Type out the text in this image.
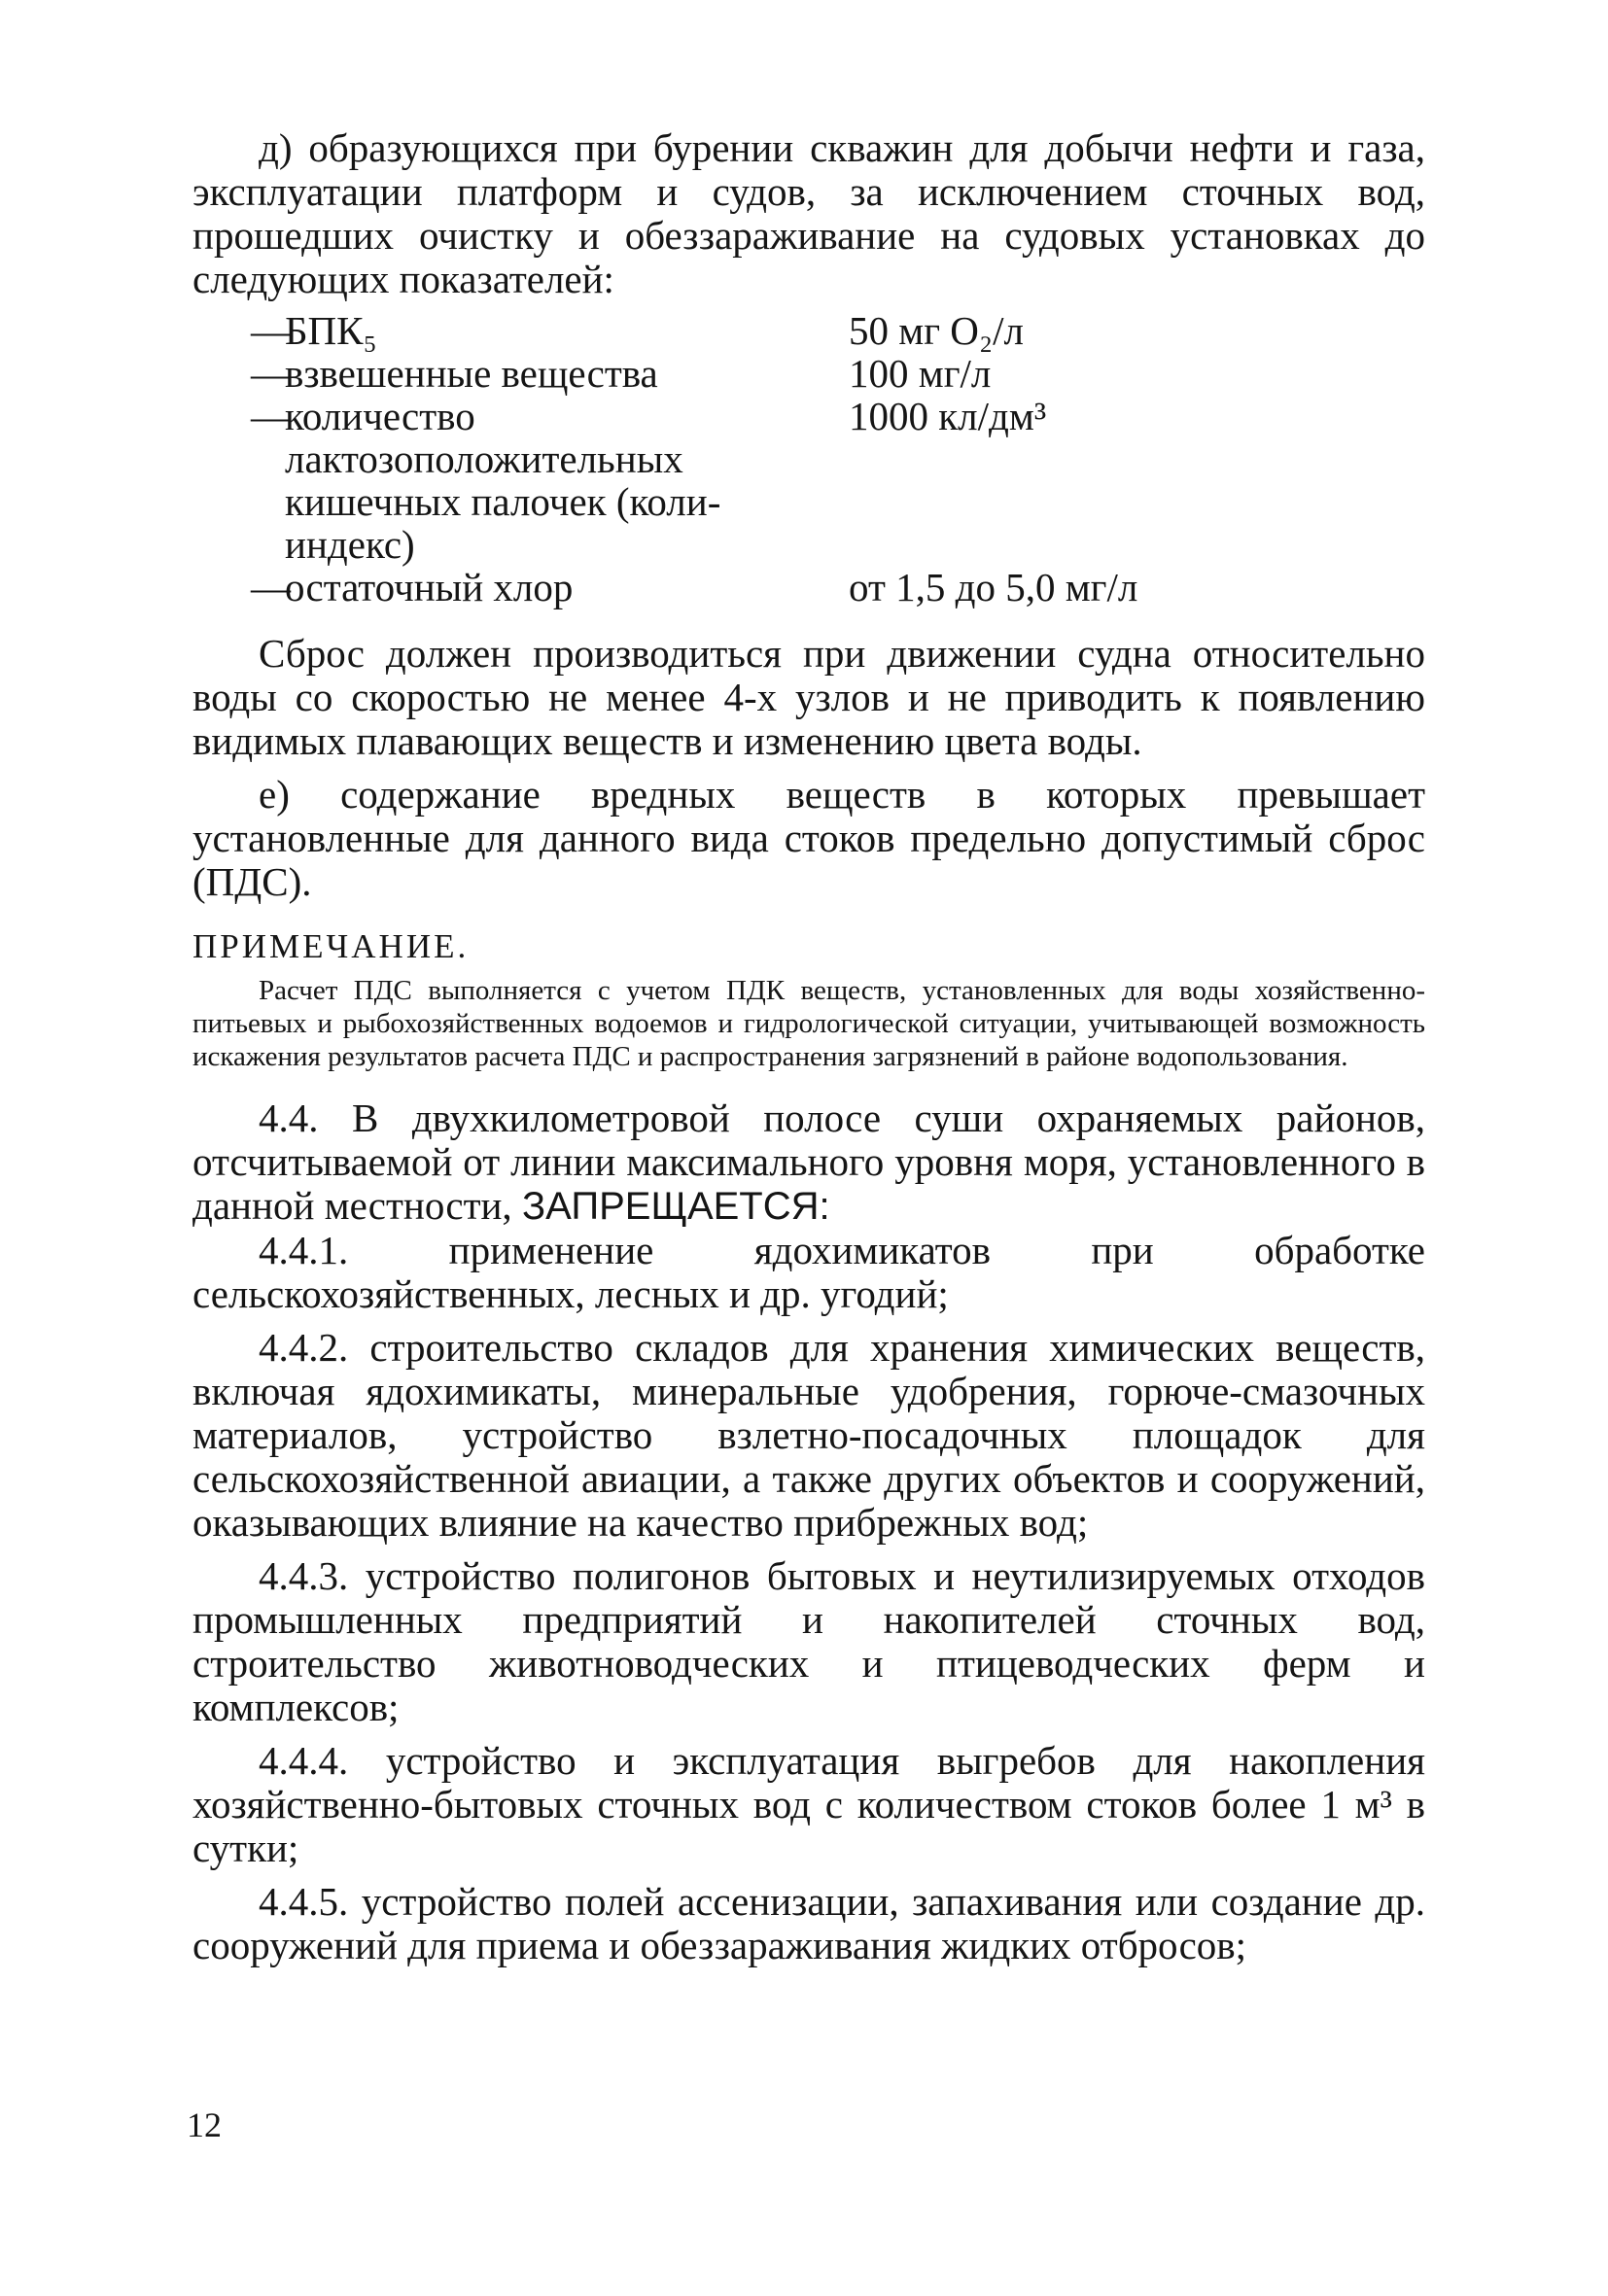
д) образующихся при бурении скважин для добычи нефти и газа, эксплуатации платформ и судов, за исключением сточных вод, прошедших очистку и обеззараживание на судовых установках до следующих показателей:

—
БПК₅	50 мг О₂/л
—
взвешенные вещества	100 мг/л
—
количество лактозоположительных кишечных палочек (коли-индекс)
1000 кл/дм³
—
остаточный хлор	от 1,5 до 5,0 мг/л

Сброс должен производиться при движении судна относительно воды со скоростью не менее 4-х узлов и не приводить к появлению видимых плавающих веществ и изменению цвета воды.

е) содержание вредных веществ в которых превышает установленные для данного вида стоков предельно допустимый сброс (ПДС).

ПРИМЕЧАНИЕ.

Расчет ПДС выполняется с учетом ПДК веществ, установленных для воды хозяйственно-питьевых и рыбохозяйственных водоемов и гидрологической ситуации, учитывающей возможность искажения результатов расчета ПДС и распространения загрязнений в районе водопользования.

4.4. В двухкилометровой полосе суши охраняемых районов, отсчитываемой от линии максимального уровня моря, установленного в данной местности, ЗАПРЕЩАЕТСЯ:

4.4.1. применение ядохимикатов при обработке сельскохозяйственных, лесных и др. угодий;

4.4.2. строительство складов для хранения химических веществ, включая ядохимикаты, минеральные удобрения, горюче-смазочных материалов, устройство взлетно-посадочных площадок для сельскохозяйственной авиации, а также других объектов и сооружений, оказывающих влияние на качество прибрежных вод;

4.4.3. устройство полигонов бытовых и неутилизируемых отходов промышленных предприятий и накопителей сточных вод, строительство животноводческих и птицеводческих ферм и комплексов;

4.4.4. устройство и эксплуатация выгребов для накопления хозяйственно-бытовых сточных вод с количеством стоков более 1 м³ в сутки;

4.4.5. устройство полей ассенизации, запахивания или создание др. сооружений для приема и обеззараживания жидких отбросов;

12
